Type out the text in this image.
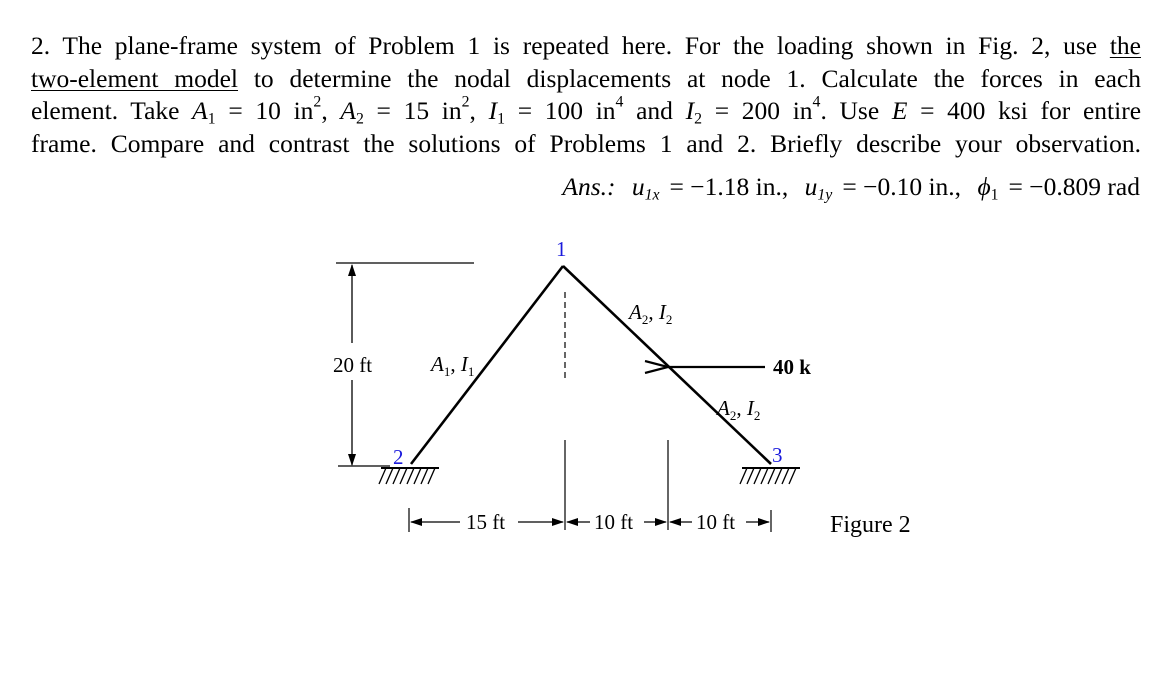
2. The plane-frame system of Problem 1 is repeated here. For the loading shown in Fig. 2, use the
two-element model to determine the nodal displacements at node 1. Calculate the forces in each
element. Take $A_1 = 10$ $in^2$, $A_2 = 15$ $in^2$, $I_1 = 100$ $in^4$ and $I_2 = 200$ $in^4$. Use E = 400 ksi for entire
frame. Compare and contrast the solutions of Problems 1 and 2. Briefly describe your observation.
Ans.: $u_{1x} = -1.18$ in., $u_{1y} = -0.10$ in., $\phi_1 = -0.809$ rad
20 ft
1
2	3
$A_1$, $I_1$
$A_2$, $I_2$
$A_2$, $I_2$
40 k
15 ft	10 ft	10 ft	Figure 2
